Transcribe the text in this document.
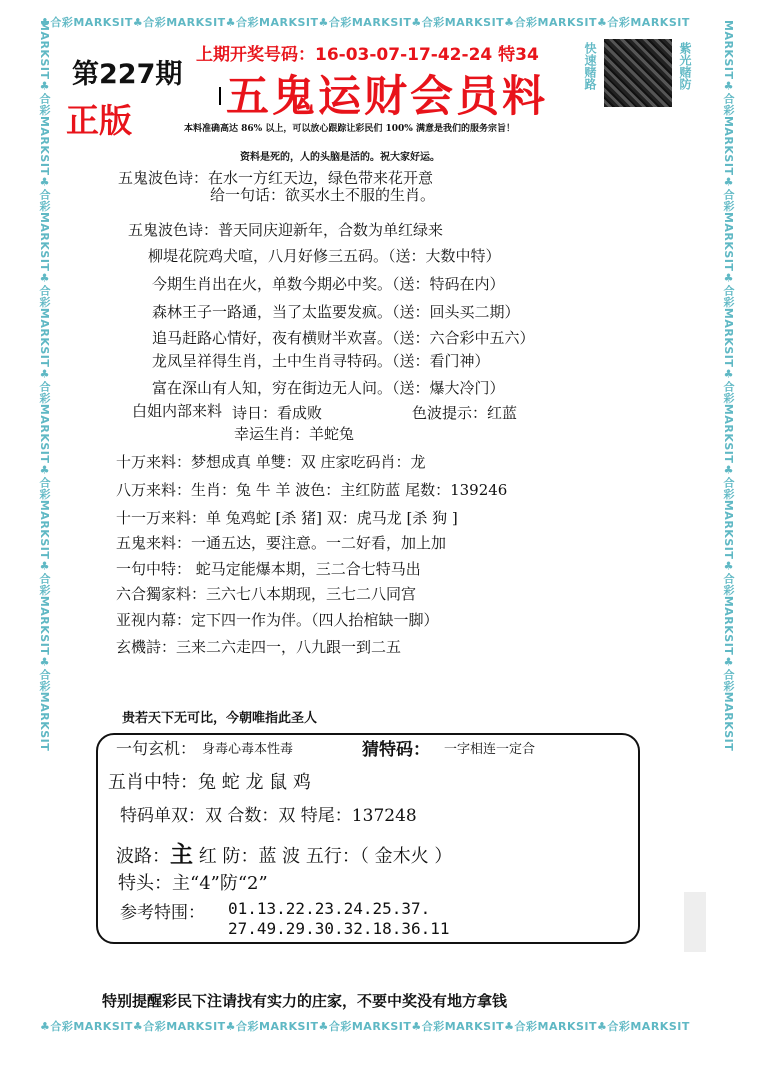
♣合彩MARKSIT♣合彩MARKSIT♣合彩MARKSIT♣合彩MARKSIT♣合彩MARKSIT♣合彩MARKSIT♣合彩MARKSIT
♣合彩MARKSIT♣合彩MARKSIT♣合彩MARKSIT♣合彩MARKSIT♣合彩MARKSIT♣合彩MARKSIT♣合彩MARKSIT
MARKSIT♣合彩MARKSIT♣合彩MARKSIT♣合彩MARKSIT♣合彩MARKSIT♣合彩MARKSIT♣合彩MARKSIT♣合彩MARKSIT	MARKSIT♣合彩MARKSIT♣合彩MARKSIT♣合彩MARKSIT♣合彩MARKSIT♣合彩MARKSIT♣合彩MARKSIT♣合彩MARKSIT
第227期
正版
上期开奖号码：16-03-07-17-42-24 特34
五鬼运财会员料
快速赌路	紫光赌防
本料准确高达 86% 以上，可以放心跟踪让彩民们 100% 满意是我们的服务宗旨！
资料是死的，人的头脑是活的。祝大家好运。
五鬼波色诗：在水一方红天边，绿色带来花开意
给一句话：欲买水土不服的生肖。
五鬼波色诗：普天同庆迎新年，合数为单红绿来
柳堤花院鸡犬喧，八月好修三五码。（送：大数中特）
今期生肖出在火，单数今期必中奖。（送：特码在内）
森林王子一路通，当了太监要发疯。（送：回头买二期）
追马赶路心情好，夜有横财半欢喜。（送：六合彩中五六）
龙凤呈祥得生肖，土中生肖寻特码。（送：看门神）
富在深山有人知，穷在街边无人问。（送：爆大冷门）
白姐内部来料 诗日：看成败	色波提示：红蓝
幸运生肖：羊蛇兔
十万来料：梦想成真 单雙：双 庄家吃码肖：龙
八万来料：生肖：兔 牛 羊 波色：主红防蓝 尾数：139246
十一万来料：单 兔鸡蛇 [杀 猪] 双：虎马龙 [杀 狗 ]
五鬼来料：一通五达，要注意。一二好看，加上加
一句中特： 蛇马定能爆本期，三二合七特马出
六合獨家料：三六七八本期现，三七二八同宫
亚视内幕：定下四一作为伴。（四人抬棺缺一脚）
玄機詩：三来二六走四一，八九跟一到二五
贵若天下无可比，今朝唯指此圣人
一句玄机： 身毒心毒本性毒	猜特码： 一字相连一定合
五肖中特：兔 蛇 龙 鼠 鸡
特码单双：双 合数：双 特尾：137248
波路：主 红 防：蓝 波 五行：（ 金木火 ）
特头：主“4”防“2”
参考特围： 01.13.22.23.24.25.37.
27.49.29.30.32.18.36.11
特别提醒彩民下注请找有实力的庄家，不要中奖没有地方拿钱
